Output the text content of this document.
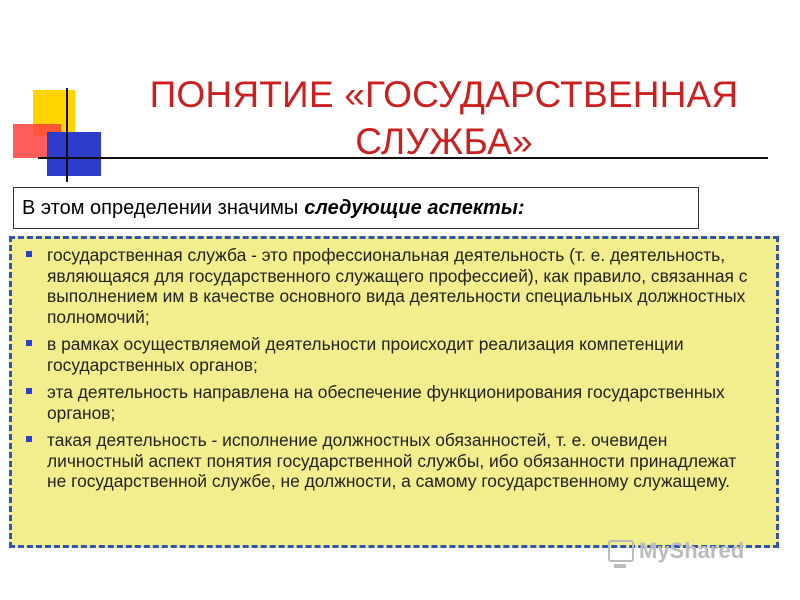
ПОНЯТИЕ «ГОСУДАРСТВЕННАЯ СЛУЖБА»
В этом определении значимы следующие аспекты:
государственная служба - это профессиональная деятельность (т. е. деятельность, являющаяся для государственного служащего профессией), как правило, связанная с выполнением им в качестве основного вида деятельности специальных должностных полномочий;
в рамках осуществляемой деятельности происходит реализация компетенции государственных органов;
эта деятельность направлена на обеспечение функционирования государственных органов;
такая деятельность - исполнение должностных обязанностей, т. е. очевиден личностный аспект понятия государственной службы, ибо обязанности принадлежат не государственной службе, не должности, а самому государственному служащему.
MyShared
